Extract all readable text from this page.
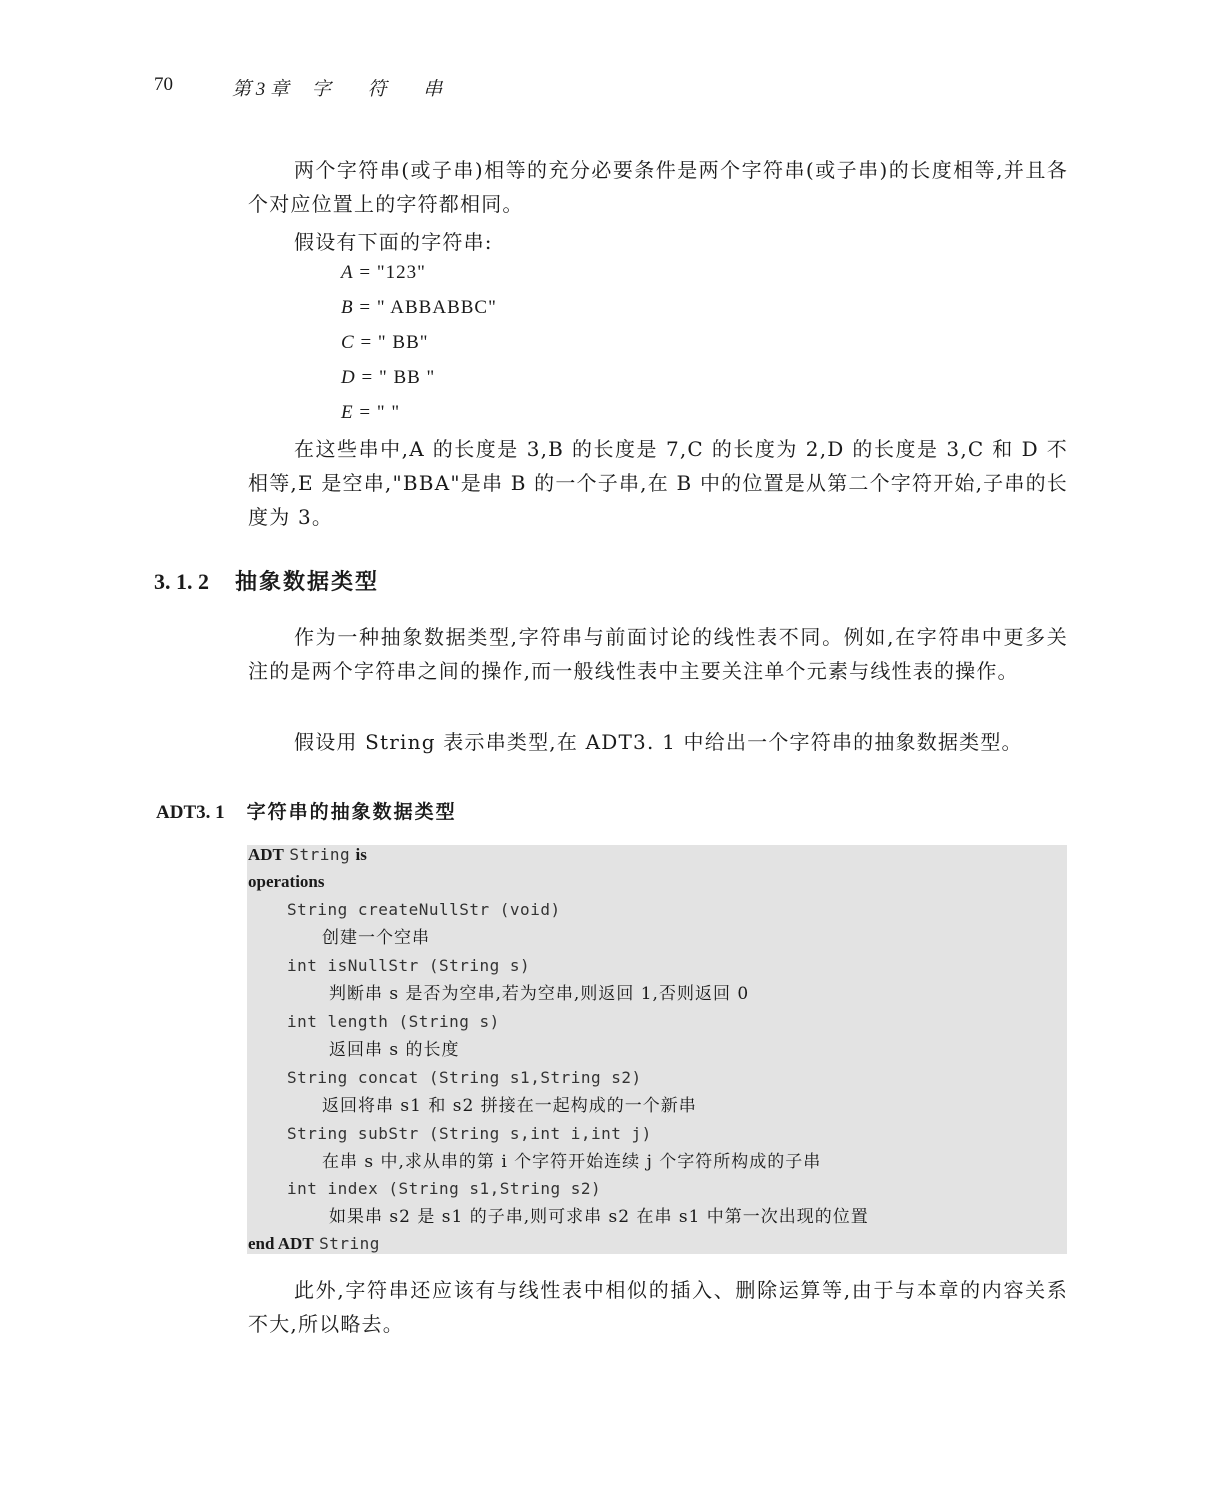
70	第 3 章 字 符 串

两个字符串(或子串)相等的充分必要条件是两个字符串(或子串)的长度相等,并且各个对应位置上的字符都相同。

假设有下面的字符串:

A = "123"
B = " ABBABBC"
C = " BB"
D = " BB "
E = " "

在这些串中,A 的长度是 3,B 的长度是 7,C 的长度为 2,D 的长度是 3,C 和 D 不相等,E 是空串,"BBA"是串 B 的一个子串,在 B 中的位置是从第二个字符开始,子串的长度为 3。

3. 1. 2 抽象数据类型

作为一种抽象数据类型,字符串与前面讨论的线性表不同。例如,在字符串中更多关注的是两个字符串之间的操作,而一般线性表中主要关注单个元素与线性表的操作。

假设用 String 表示串类型,在 ADT3. 1 中给出一个字符串的抽象数据类型。

ADT3. 1 字符串的抽象数据类型
ADT String is
operations
String createNullStr (void)
创建一个空串
int isNullStr (String s)
判断串 s 是否为空串,若为空串,则返回 1,否则返回 0
int length (String s)
返回串 s 的长度
String concat (String s1,String s2)
返回将串 s1 和 s2 拼接在一起构成的一个新串
String subStr (String s,int i,int j)
在串 s 中,求从串的第 i 个字符开始连续 j 个字符所构成的子串
int index (String s1,String s2)
如果串 s2 是 s1 的子串,则可求串 s2 在串 s1 中第一次出现的位置
end ADT String

此外,字符串还应该有与线性表中相似的插入、删除运算等,由于与本章的内容关系不大,所以略去。
